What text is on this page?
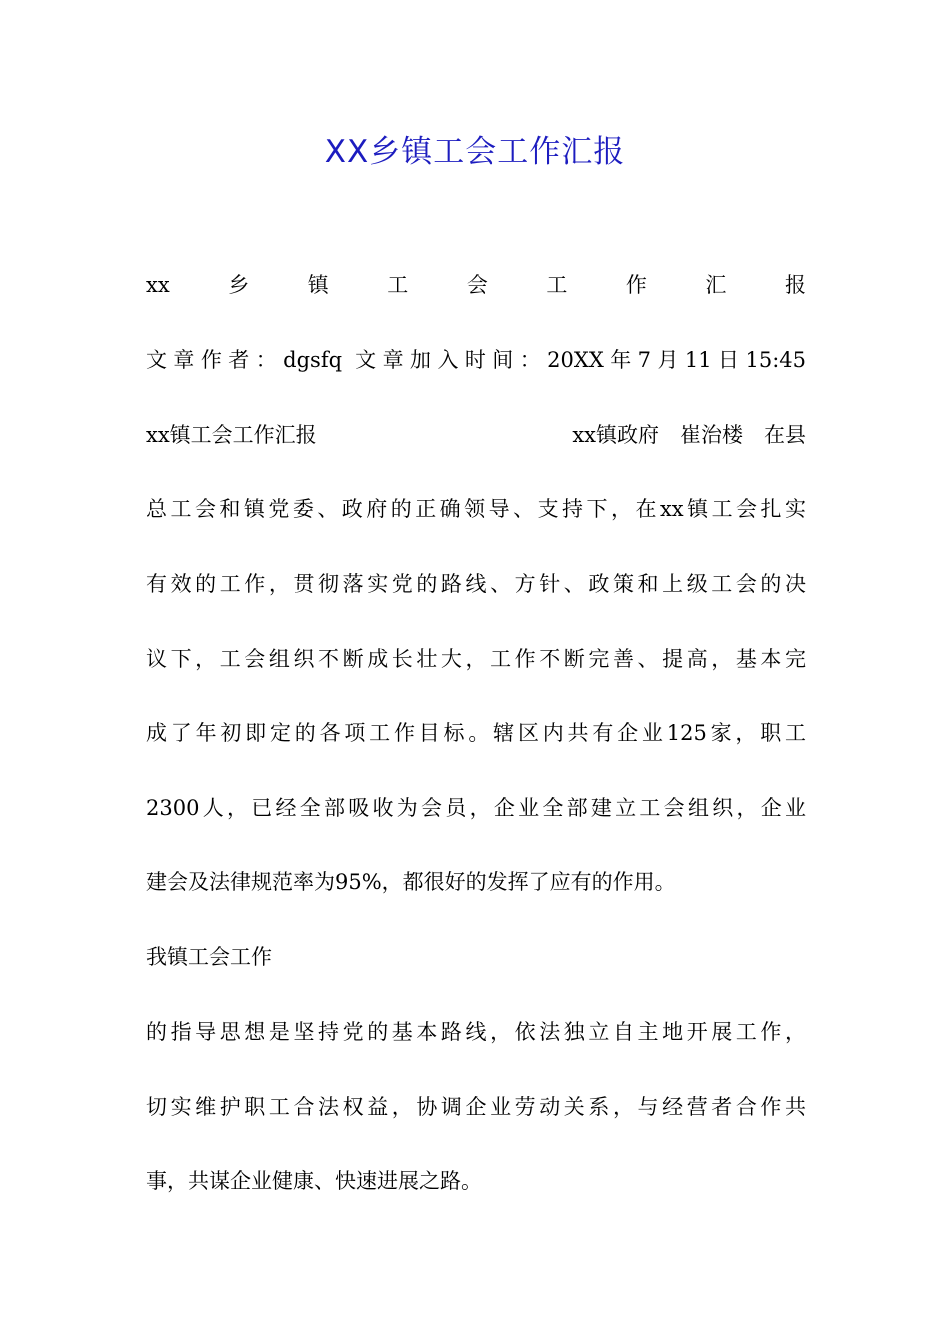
XX乡镇工会工作汇报
xx	乡	镇	工	会	工	作	汇	报
文章作者：dgsfq 文章加入时间：20XX年7月11日15:45
xx镇工会工作汇报	xx镇政府　崔治楼　在县
总工会和镇党委、政府的正确领导、支持下，在xx镇工会扎实
有效的工作，贯彻落实党的路线、方针、政策和上级工会的决
议下，工会组织不断成长壮大，工作不断完善、提高，基本完
成了年初即定的各项工作目标。辖区内共有企业125家，职工
2300人，已经全部吸收为会员，企业全部建立工会组织，企业
建会及法律规范率为95%，都很好的发挥了应有的作用。
我镇工会工作
的指导思想是坚持党的基本路线，依法独立自主地开展工作，
切实维护职工合法权益，协调企业劳动关系，与经营者合作共
事，共谋企业健康、快速进展之路。
